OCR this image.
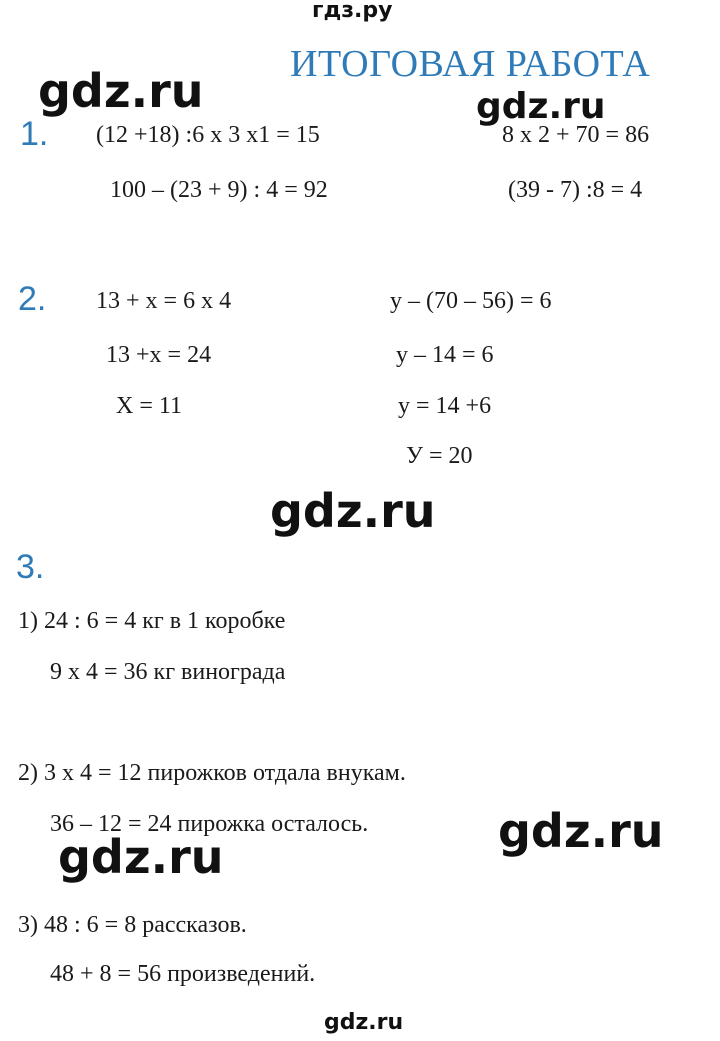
гдз.ру
gdz.ru	gdz.ru
gdz.ru
gdz.ru
gdz.ru
gdz.ru
ИТОГОВАЯ РАБОТА
1. (12 +18) :6 x 3 x1 = 15
100 – (23 + 9) : 4 = 92
8 x 2 + 70 = 86
(39 - 7) :8 = 4
2. 13 + x = 6 x 4
13 +x = 24
X = 11
y – (70 – 56) = 6
y – 14 = 6
y = 14 +6
У = 20
3.
1) 24 : 6 = 4 кг в 1 коробке
9 x 4 = 36 кг винограда
2) 3 x 4 = 12 пирожков отдала внукам.
36 – 12 = 24 пирожка осталось.
3) 48 : 6 = 8 рассказов.
48 + 8 = 56 произведений.
